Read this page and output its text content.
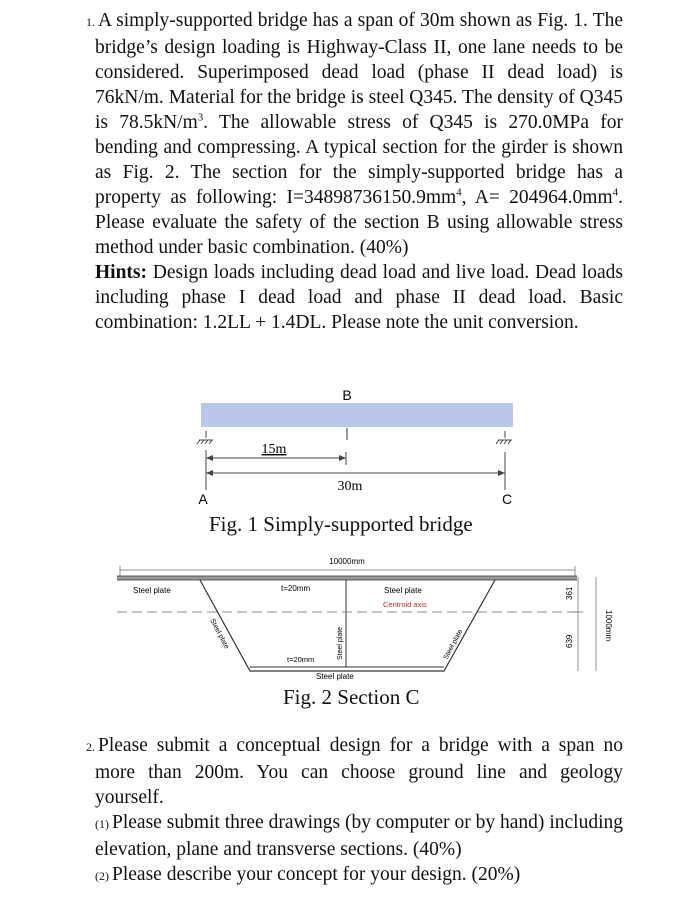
1. A simply-supported bridge has a span of 30m shown as Fig. 1. The bridge’s design loading is Highway-Class II, one lane needs to be considered. Superimposed dead load (phase II dead load) is 76kN/m. Material for the bridge is steel Q345. The density of Q345 is $78.5kN/m^3$. The allowable stress of Q345 is 270.0MPa for bending and compressing. A typical section for the girder is shown as Fig. 2. The section for the simply-supported bridge has a property as following: $I=34898736150.9mm^4$, $A= 204964.0mm^4$. Please evaluate the safety of the section B using allowable stress method under basic combination. (40%)
Hints: Design loads including dead load and live load. Dead loads including phase I dead load and phase II dead load. Basic combination: 1.2LL + 1.4DL. Please note the unit conversion.
B
15m
30m
A	C
Fig. 1 Simply-supported bridge
10000mm
Steel plate	t=20mm	Steel plate
Centroid axis
Steel plate	Steel plate	Steel plate
t=20mm
Steel plate
361
639
1000mm
Fig. 2 Section C
2. Please submit a conceptual design for a bridge with a span no more than 200m. You can choose ground line and geology yourself.
(1) Please submit three drawings (by computer or by hand) including elevation, plane and transverse sections. (40%)
(2) Please describe your concept for your design. (20%)
